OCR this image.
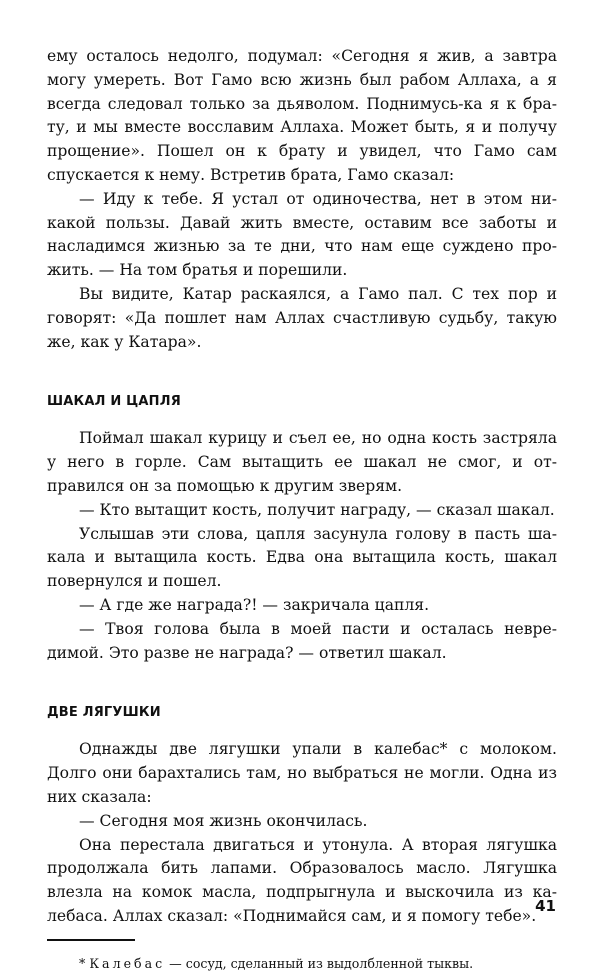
ему осталось недолго, подумал: «Сегодня я жив, а завтра могу умереть. Вот Гамо всю жизнь был рабом Аллаха, а я всегда следовал только за дьяволом. Поднимусь-ка я к брату, и мы вместе восславим Аллаха. Может быть, я и получу прощение». Пошел он к брату и увидел, что Гамо сам спускается к нему. Встретив брата, Гамо сказал:

— Иду к тебе. Я устал от одиночества, нет в этом никакой пользы. Давай жить вместе, оставим все заботы и насладимся жизнью за те дни, что нам еще суждено прожить. — На том братья и порешили.

Вы видите, Катар раскаялся, а Гамо пал. С тех пор и говорят: «Да пошлет нам Аллах счастливую судьбу, такую же, как у Катара».

ШАКАЛ И ЦАПЛЯ

Поймал шакал курицу и съел ее, но одна кость застряла у него в горле. Сам вытащить ее шакал не смог, и отправился он за помощью к другим зверям.

— Кто вытащит кость, получит награду, — сказал шакал.

Услышав эти слова, цапля засунула голову в пасть шакала и вытащила кость. Едва она вытащила кость, шакал повернулся и пошел.

— А где же награда?! — закричала цапля.

— Твоя голова была в моей пасти и осталась невредимой. Это разве не награда? — ответил шакал.

ДВЕ ЛЯГУШКИ

Однажды две лягушки упали в калебас* с молоком. Долго они барахтались там, но выбраться не могли. Одна из них сказала:

— Сегодня моя жизнь окончилась.

Она перестала двигаться и утонула. А вторая лягушка продолжала бить лапами. Образовалось масло. Лягушка влезла на комок масла, подпрыгнула и выскочила из калебаса. Аллах сказал: «Поднимайся сам, и я помогу тебе».

* Калебас — сосуд, сделанный из выдолбленной тыквы.

41
